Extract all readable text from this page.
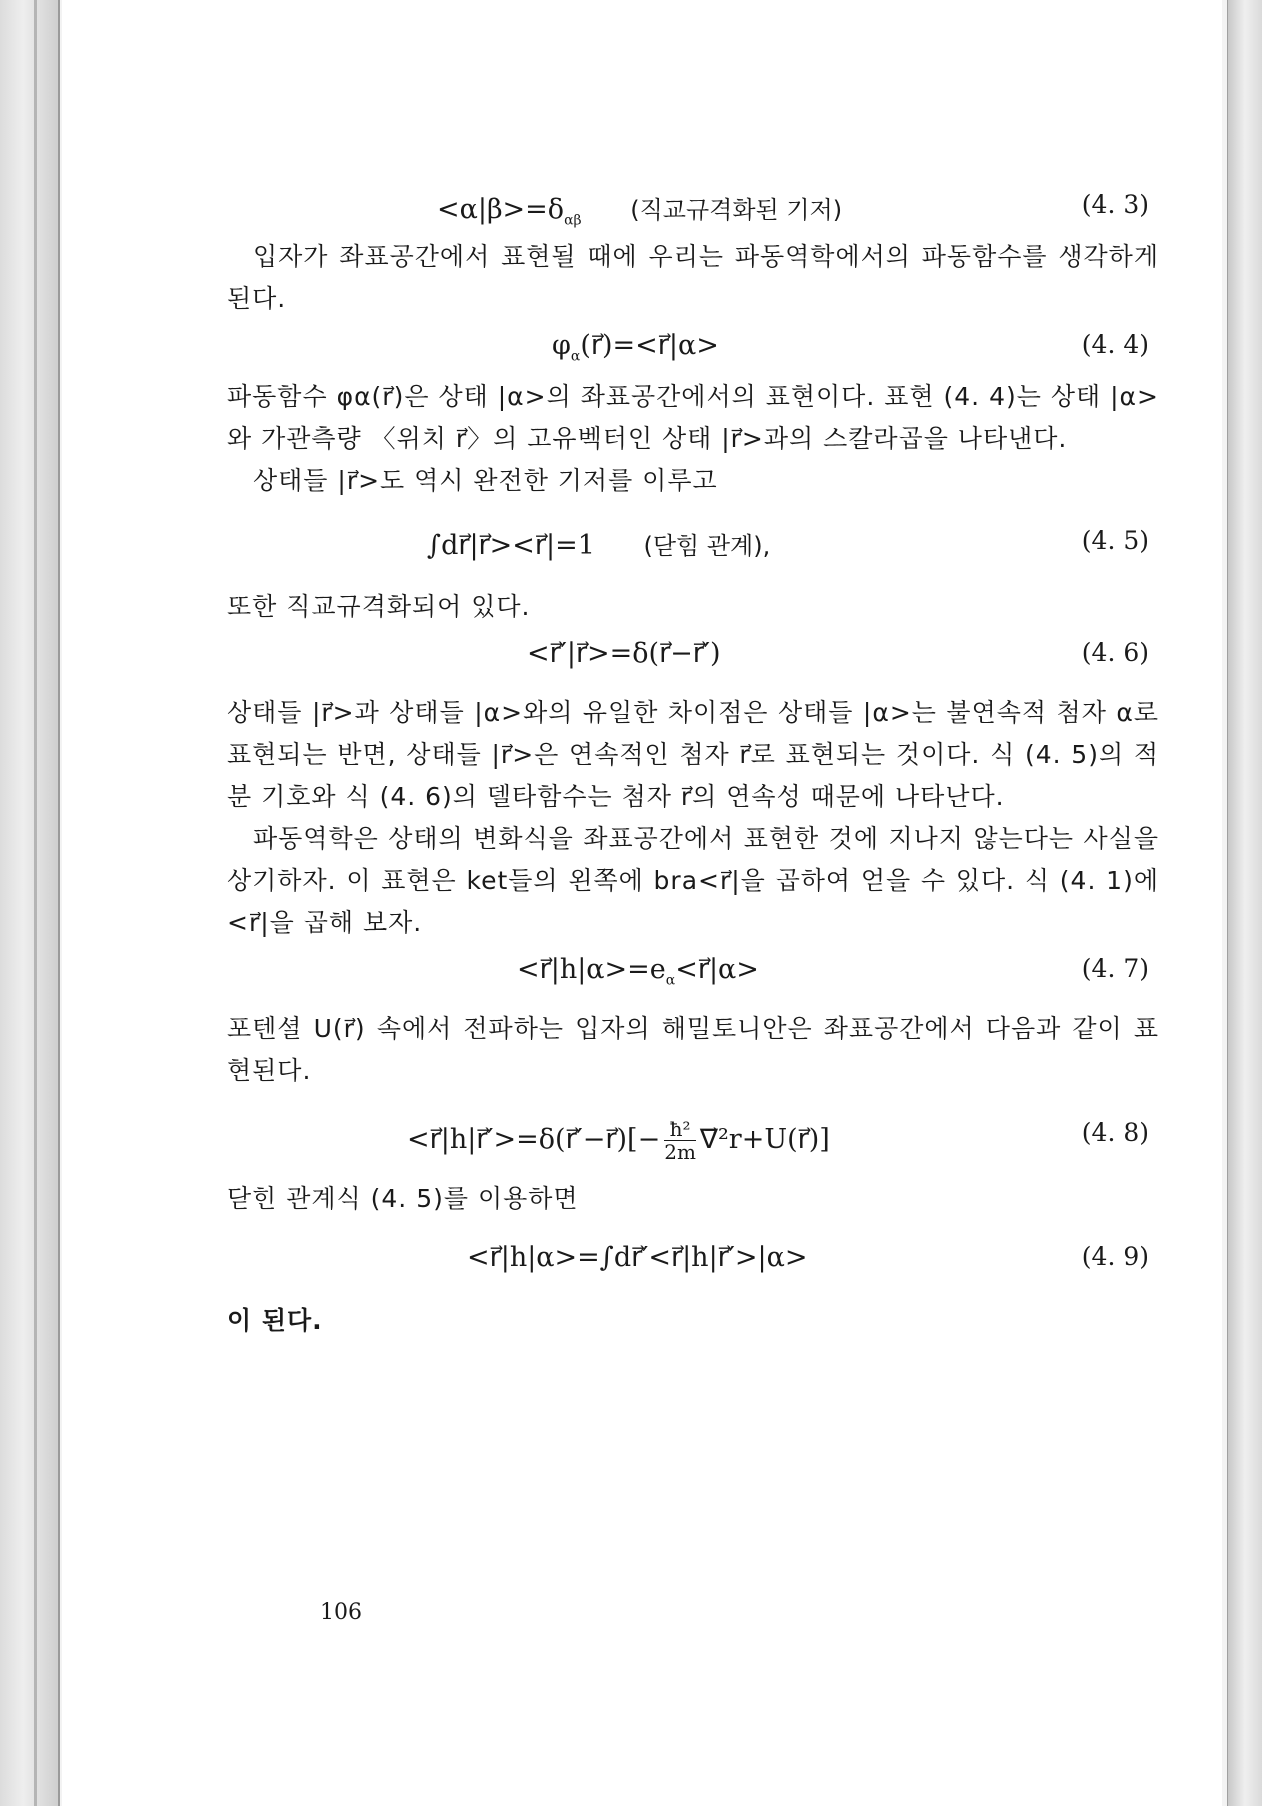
$<\alpha|\beta>=\delta_{\alpha\beta}$ (직교규격화된 기저)	(4. 3)

입자가 좌표공간에서 표현될 때에 우리는 파동역학에서의 파동함수를 생각하게 된다.

$\varphi_\alpha(r⃗)=<r⃗|\alpha>$	(4. 4)

파동함수 φα(r⃗)은 상태 |α>의 좌표공간에서의 표현이다. 표현 (4. 4)는 상태 |α>와 가관측량 〈위치 r⃗〉의 고유벡터인 상태 |r⃗>과의 스칼라곱을 나타낸다.

상태들 |r⃗>도 역시 완전한 기저를 이루고

∫dr⃗|r⃗><r⃗|=1 (닫힘 관계),	(4. 5)

또한 직교규격화되어 있다.

<r⃗′|r⃗>=δ(r⃗−r⃗′)	(4. 6)

상태들 |r⃗>과 상태들 |α>와의 유일한 차이점은 상태들 |α>는 불연속적 첨자 α로 표현되는 반면, 상태들 |r⃗>은 연속적인 첨자 r⃗로 표현되는 것이다. 식 (4. 5)의 적분 기호와 식 (4. 6)의 델타함수는 첨자 r⃗의 연속성 때문에 나타난다.

파동역학은 상태의 변화식을 좌표공간에서 표현한 것에 지나지 않는다는 사실을 상기하자. 이 표현은 ket들의 왼쪽에 bra<r⃗|을 곱하여 얻을 수 있다. 식 (4. 1)에 <r⃗|을 곱해 보자.

$<r⃗|h|\alpha>=e_\alpha<r⃗|\alpha>$	(4. 7)

포텐셜 U(r⃗) 속에서 전파하는 입자의 해밀토니안은 좌표공간에서 다음과 같이 표현된다.

<r⃗|h|r⃗′>=δ(r⃗′−r⃗)[− $\frac{\text{ħ²}}{2m}$ ∇⃗²r+U(r⃗)]	(4. 8)

닫힌 관계식 (4. 5)를 이용하면

<r⃗|h|α>=∫dr⃗′<r⃗|h|r⃗′>|α>	(4. 9)

이 된다.

106
